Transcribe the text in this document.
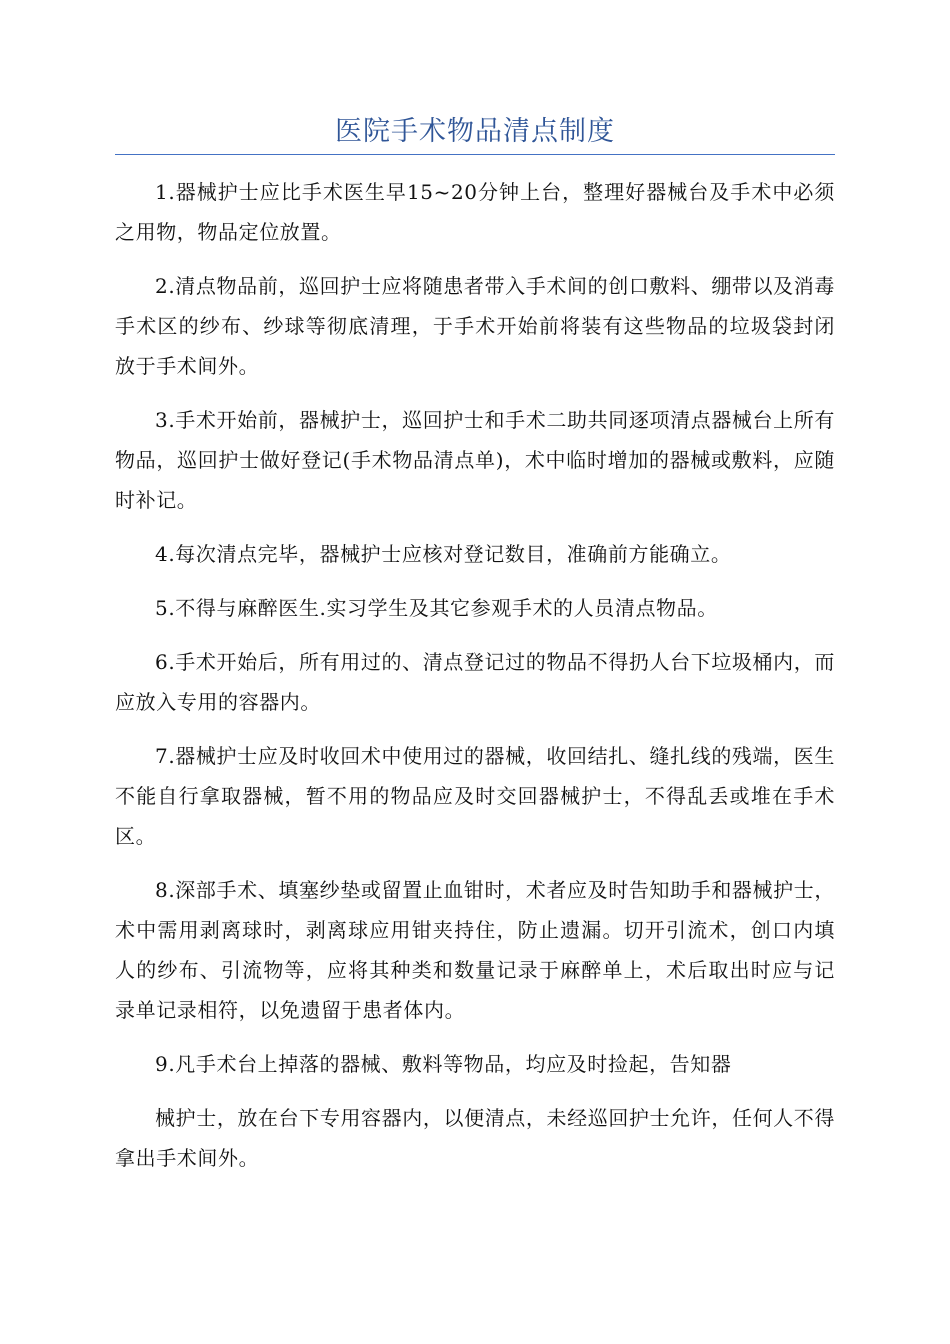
医院手术物品清点制度

1.器械护士应比手术医生早15~20分钟上台，整理好器械台及手术中必须之用物，物品定位放置。

2.清点物品前，巡回护士应将随患者带入手术间的创口敷料、绷带以及消毒手术区的纱布、纱球等彻底清理，于手术开始前将装有这些物品的垃圾袋封闭放于手术间外。

3.手术开始前，器械护士，巡回护士和手术二助共同逐项清点器械台上所有物品，巡回护士做好登记(手术物品清点单)，术中临时增加的器械或敷料，应随时补记。

4.每次清点完毕，器械护士应核对登记数目，准确前方能确立。

5.不得与麻醉医生.实习学生及其它参观手术的人员清点物品。

6.手术开始后，所有用过的、清点登记过的物品不得扔人台下垃圾桶内，而应放入专用的容器内。

7.器械护士应及时收回术中使用过的器械，收回结扎、缝扎线的残端，医生不能自行拿取器械，暂不用的物品应及时交回器械护士，不得乱丢或堆在手术区。

8.深部手术、填塞纱垫或留置止血钳时，术者应及时告知助手和器械护士，术中需用剥离球时，剥离球应用钳夹持住，防止遗漏。切开引流术，创口内填人的纱布、引流物等，应将其种类和数量记录于麻醉单上，术后取出时应与记录单记录相符，以免遗留于患者体内。

9.凡手术台上掉落的器械、敷料等物品，均应及时捡起，告知器

械护士，放在台下专用容器内，以便清点，未经巡回护士允许，任何人不得拿出手术间外。
